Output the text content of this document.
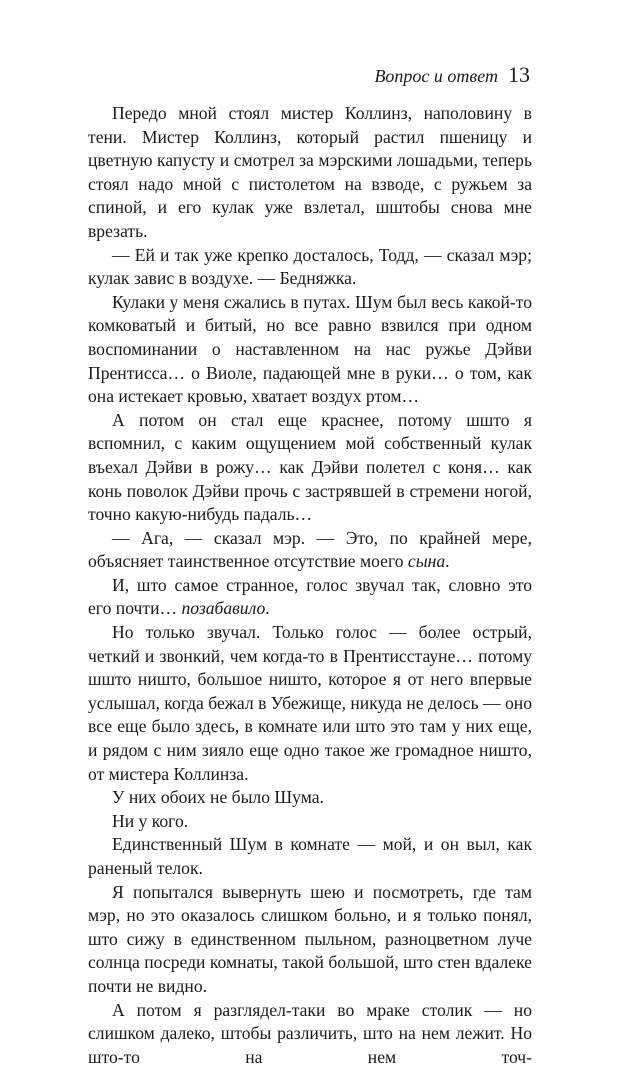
Вопрос и ответ 13

Передо мной стоял мистер Коллинз, наполовину в тени. Мистер Коллинз, который растил пшеницу и цветную капусту и смотрел за мэрскими лошадьми, теперь стоял надо мной с пистолетом на взводе, с ружьем за спиной, и его кулак уже взлетал, шштобы снова мне врезать.

— Ей и так уже крепко досталось, Тодд, — сказал мэр; кулак завис в воздухе. — Бедняжка.

Кулаки у меня сжались в путах. Шум был весь какой-то комковатый и битый, но все равно взвился при одном воспоминании о наставленном на нас ружье Дэйви Прентисса… о Виоле, падающей мне в руки… о том, как она истекает кровью, хватает воздух ртом…

А потом он стал еще краснее, потому шшто я вспомнил, с каким ощущением мой собственный кулак въехал Дэйви в рожу… как Дэйви полетел с коня… как конь поволок Дэйви прочь с застрявшей в стремени ногой, точно какую-нибудь падаль…

— Ага, — сказал мэр. — Это, по крайней мере, объясняет таинственное отсутствие моего сына.

И, што самое странное, голос звучал так, словно это его почти… позабавило.

Но только звучал. Только голос — более острый, четкий и звонкий, чем когда-то в Прентисстауне… потому шшто ништо, большое ништо, которое я от него впервые услышал, когда бежал в Убежище, никуда не делось — оно все еще было здесь, в комнате или што это там у них еще, и рядом с ним зияло еще одно такое же громадное ништо, от мистера Коллинза.

У них обоих не было Шума.

Ни у кого.

Единственный Шум в комнате — мой, и он выл, как раненый телок.

Я попытался вывернуть шею и посмотреть, где там мэр, но это оказалось слишком больно, и я только понял, што сижу в единственном пыльном, разноцветном луче солнца посреди комнаты, такой большой, што стен вдалеке почти не видно.

А потом я разглядел-таки во мраке столик — но слишком далеко, штобы различить, што на нем лежит. Но што-то на нем точ-
